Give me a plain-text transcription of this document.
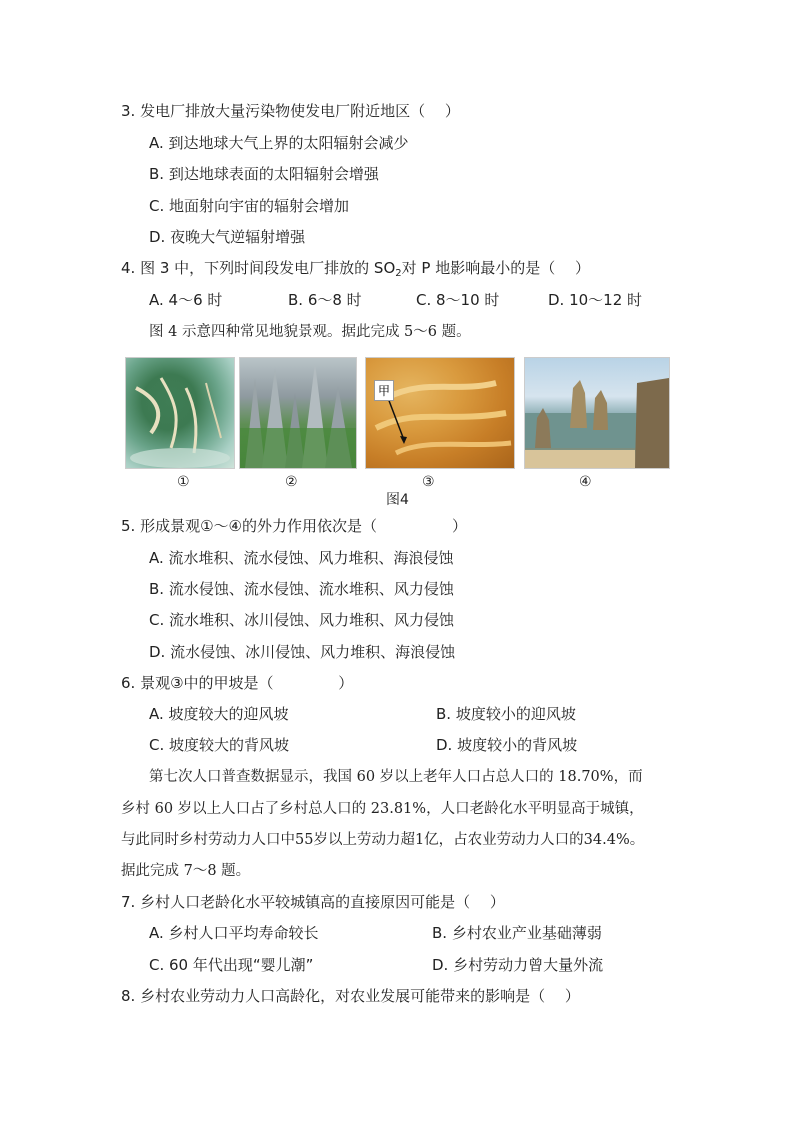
3. 发电厂排放大量污染物使发电厂附近地区（　 ）
A. 到达地球大气上界的太阳辐射会减少
B. 到达地球表面的太阳辐射会增强
C. 地面射向宇宙的辐射会增加
D. 夜晚大气逆辐射增强
4. 图 3 中，下列时间段发电厂排放的 $SO_2$对 P 地影响最小的是（　 ）
A. 4～6 时	B. 6～8 时	C. 8～10 时	D. 10～12 时
图 4 示意四种常见地貌景观。据此完成 5～6 题。
甲
①	②	③	④
图4
5. 形成景观①～④的外力作用依次是（　　　　　）
A. 流水堆积、流水侵蚀、风力堆积、海浪侵蚀
B. 流水侵蚀、流水侵蚀、流水堆积、风力侵蚀
C. 流水堆积、冰川侵蚀、风力堆积、风力侵蚀
D. 流水侵蚀、冰川侵蚀、风力堆积、海浪侵蚀
6. 景观③中的甲坡是（　　　　 ）
A. 坡度较大的迎风坡	B. 坡度较小的迎风坡
C. 坡度较大的背风坡	D. 坡度较小的背风坡
第七次人口普查数据显示，我国 60 岁以上老年人口占总人口的 18.70%，而
乡村 60 岁以上人口占了乡村总人口的 23.81%，人口老龄化水平明显高于城镇，
与此同时乡村劳动力人口中55岁以上劳动力超1亿，占农业劳动力人口的34.4%。
据此完成 7～8 题。
7. 乡村人口老龄化水平较城镇高的直接原因可能是（　 ）
A. 乡村人口平均寿命较长	B. 乡村农业产业基础薄弱
C. 60 年代出现“婴儿潮”	D. 乡村劳动力曾大量外流
8. 乡村农业劳动力人口高龄化，对农业发展可能带来的影响是（　 ）
